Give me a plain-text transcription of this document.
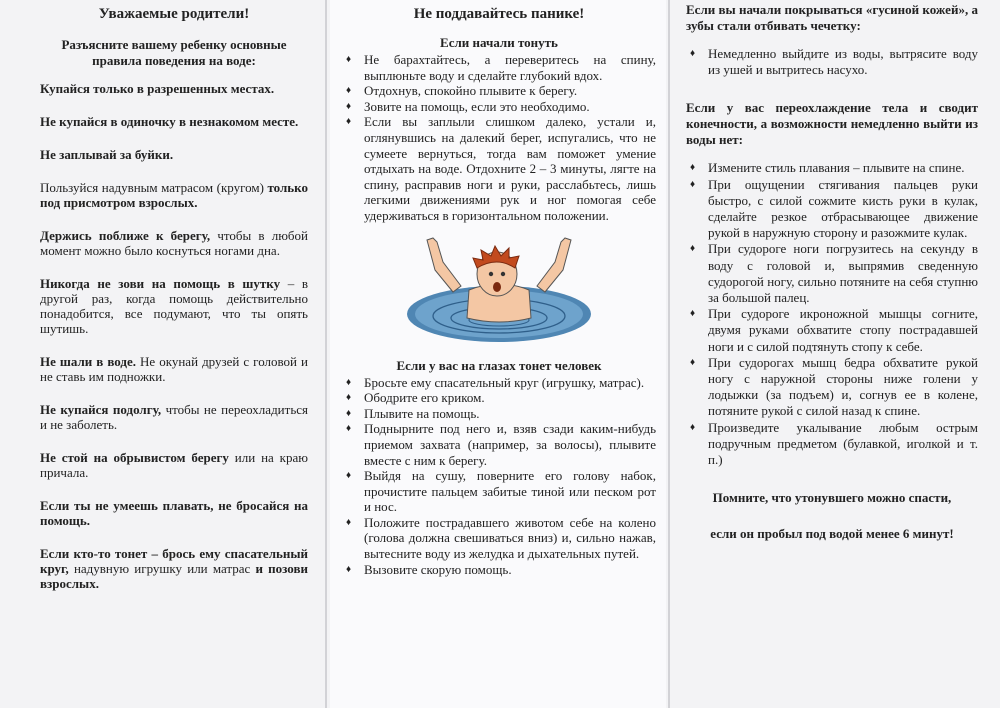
Уважаемые родители!
Разъясните вашему ребенку основные правила поведения на воде:
Купайся только в разрешенных местах.
Не купайся в одиночку в незнакомом месте.
Не заплывай за буйки.
Пользуйся надувным матрасом (кругом) только под присмотром взрослых.
Держись поближе к берегу, чтобы в любой момент можно было коснуться ногами дна.
Никогда не зови на помощь в шутку – в другой раз, когда помощь действительно понадобится, все подумают, что ты опять шутишь.
Не шали в воде. Не окунай друзей с головой и не ставь им подножки.
Не купайся подолгу, чтобы не переохладиться и не заболеть.
Не стой на обрывистом берегу или на краю причала.
Если ты не умеешь плавать, не бросайся на помощь.
Если кто-то тонет – брось ему спасательный круг, надувную игрушку или матрас и позови взрослых.
Не поддавайтесь панике!
Если начали тонуть
♦ Не барахтайтесь, а переверитесь на спину, выплюньте воду и сделайте глубокий вдох.
♦ Отдохнув, спокойно плывите к берегу.
♦ Зовите на помощь, если это необходимо.
♦ Если вы заплыли слишком далеко, устали и, оглянувшись на далекий берег, испугались, что не сумеете вернуться, тогда вам поможет умение отдыхать на воде. Отдохните 2 – 3 минуты, лягте на спину, расправив ноги и руки, расслабьтесь, лишь легкими движениями рук и ног помогая себе удерживаться в горизонтальном положении.
Если у вас на глазах тонет человек
♦ Бросьте ему спасательный круг (игрушку, матрас).
♦ Ободрите его криком.
♦ Плывите на помощь.
♦ Поднырните под него и, взяв сзади каким-нибудь приемом захвата (например, за волосы), плывите вместе с ним к берегу.
♦ Выйдя на сушу, поверните его голову набок, прочистите пальцем забитые тиной или песком рот и нос.
♦ Положите пострадавшего животом себе на колено (голова должна свешиваться вниз) и, сильно нажав, вытесните воду из желудка и дыхательных путей.
♦ Вызовите скорую помощь.
Если вы начали покрываться «гусиной кожей», а зубы стали отбивать чечетку:
♦ Немедленно выйдите из воды, вытрясите воду из ушей и вытритесь насухо.
Если у вас переохлаждение тела и сводит конечности, а возможности немедленно выйти из воды нет:
♦ Измените стиль плавания – плывите на спине.
♦ При ощущении стягивания пальцев руки быстро, с силой сожмите кисть руки в кулак, сделайте резкое отбрасывающее движение рукой в наружную сторону и разожмите кулак.
♦ При судороге ноги погрузитесь на секунду в воду с головой и, выпрямив сведенную судорогой ногу, сильно потяните на себя ступню за большой палец.
♦ При судороге икроножной мышцы согните, двумя руками обхватите стопу пострадавшей ноги и с силой подтянуть стопу к себе.
♦ При судорогах мышц бедра обхватите рукой ногу с наружной стороны ниже голени у лодыжки (за подъем) и, согнув ее в колене, потяните рукой с силой назад к спине.
♦ Произведите укалывание любым острым подручным предметом (булавкой, иголкой и т. п.)
Помните, что утонувшего можно спасти,
если он пробыл под водой менее 6 минут!
